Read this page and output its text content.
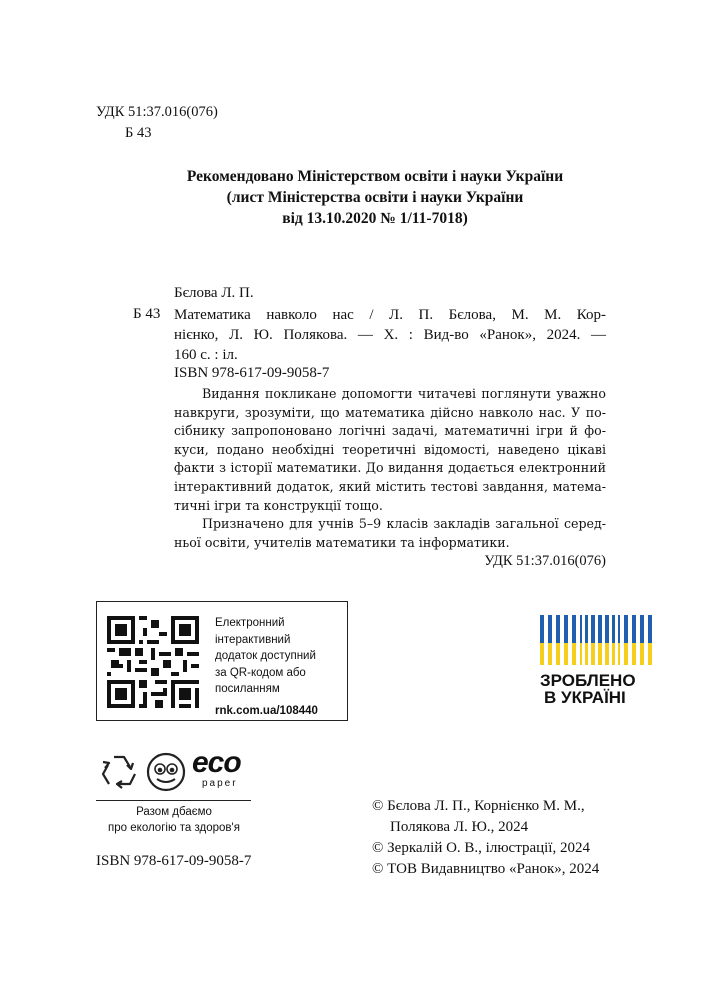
УДК 51:37.016(076)
Б 43
Рекомендовано Міністерством освіти і науки України
(лист Міністерства освіти і науки України
від 13.10.2020 № 1/11-7018)
Бєлова Л. П.
Б 43 Математика навколо нас / Л. П. Бєлова, М. М. Кор-
нієнко, Л. Ю. Полякова. — Х. : Вид-во «Ранок», 2024. —
160 с. : іл.
ISBN 978-617-09-9058-7
Видання покликане допомогти читачеві поглянути уважно
навкруги, зрозуміти, що математика дійсно навколо нас. У по-
сібнику запропоновано логічні задачі, математичні ігри й фо-
куси, подано необхідні теоретичні відомості, наведено цікаві
факти з історії математики. До видання додається електронний
інтерактивний додаток, який містить тестові завдання, матема-
тичні ігри та конструкції тощо.
Призначено для учнів 5–9 класів закладів загальної серед-
ньої освіти, учителів математики та інформатики.
УДК 51:37.016(076)
Електронний
інтерактивний
додаток доступний
за QR-кодом або
посиланням
rnk.com.ua/108440
ЗРОБЛЕНО
В УКРАЇНІ
eco
paper
Разом дбаємо
про екологію та здоров'я
ISBN 978-617-09-9058-7
© Бєлова Л. П., Корнієнко М. М.,
Полякова Л. Ю., 2024
© Зеркалій О. В., ілюстрації, 2024
© ТОВ Видавництво «Ранок», 2024
